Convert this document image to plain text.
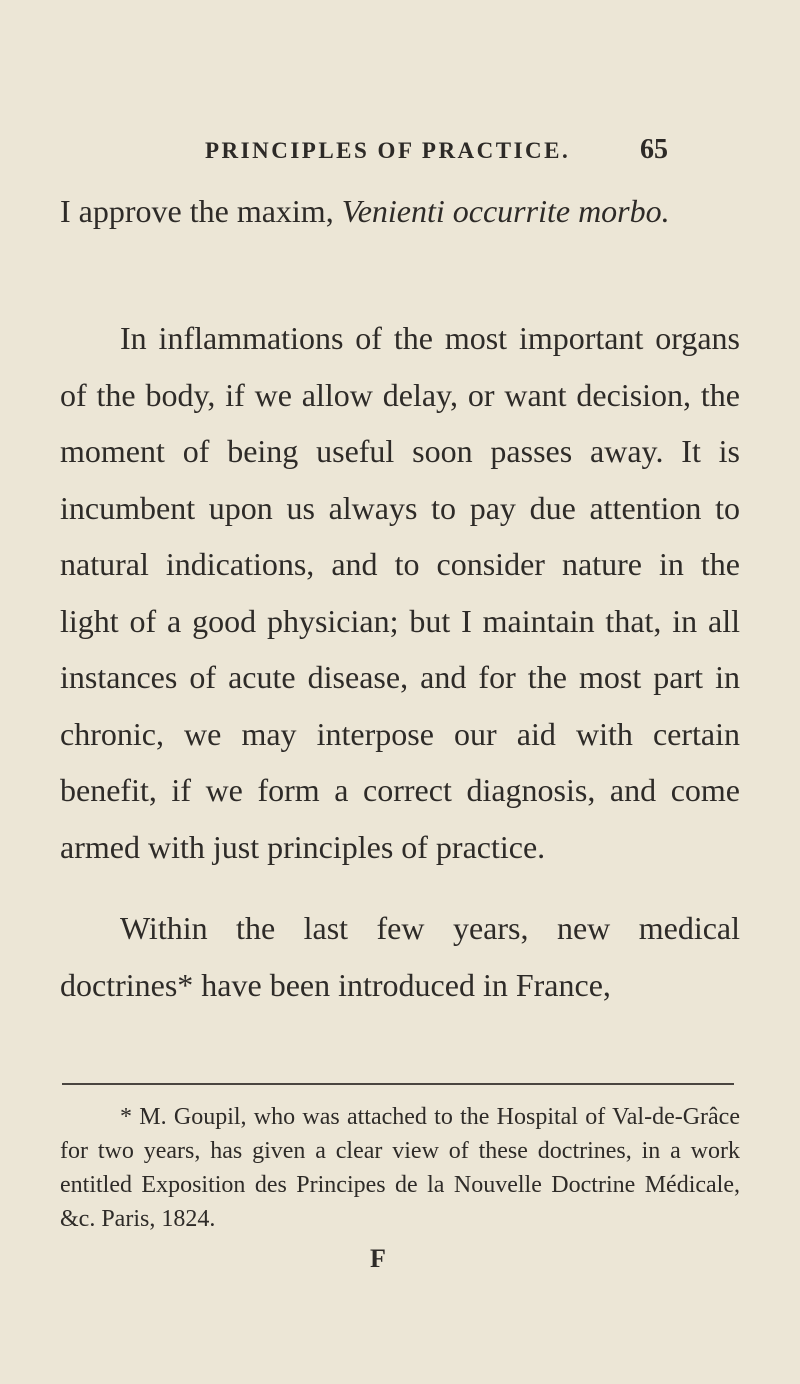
PRINCIPLES OF PRACTICE. 65

I approve the maxim, Venienti occurrite morbo.

In inflammations of the most important organs of the body, if we allow delay, or want decision, the moment of being useful soon passes away. It is incumbent upon us always to pay due attention to natural indications, and to consider nature in the light of a good physician; but I maintain that, in all instances of acute disease, and for the most part in chronic, we may interpose our aid with certain benefit, if we form a correct diagnosis, and come armed with just principles of practice.

Within the last few years, new medical doctrines* have been introduced in France,

* M. Goupil, who was attached to the Hospital of Val-de-Grâce for two years, has given a clear view of these doctrines, in a work entitled Exposition des Principes de la Nouvelle Doctrine Médicale, &c. Paris, 1824.

F
